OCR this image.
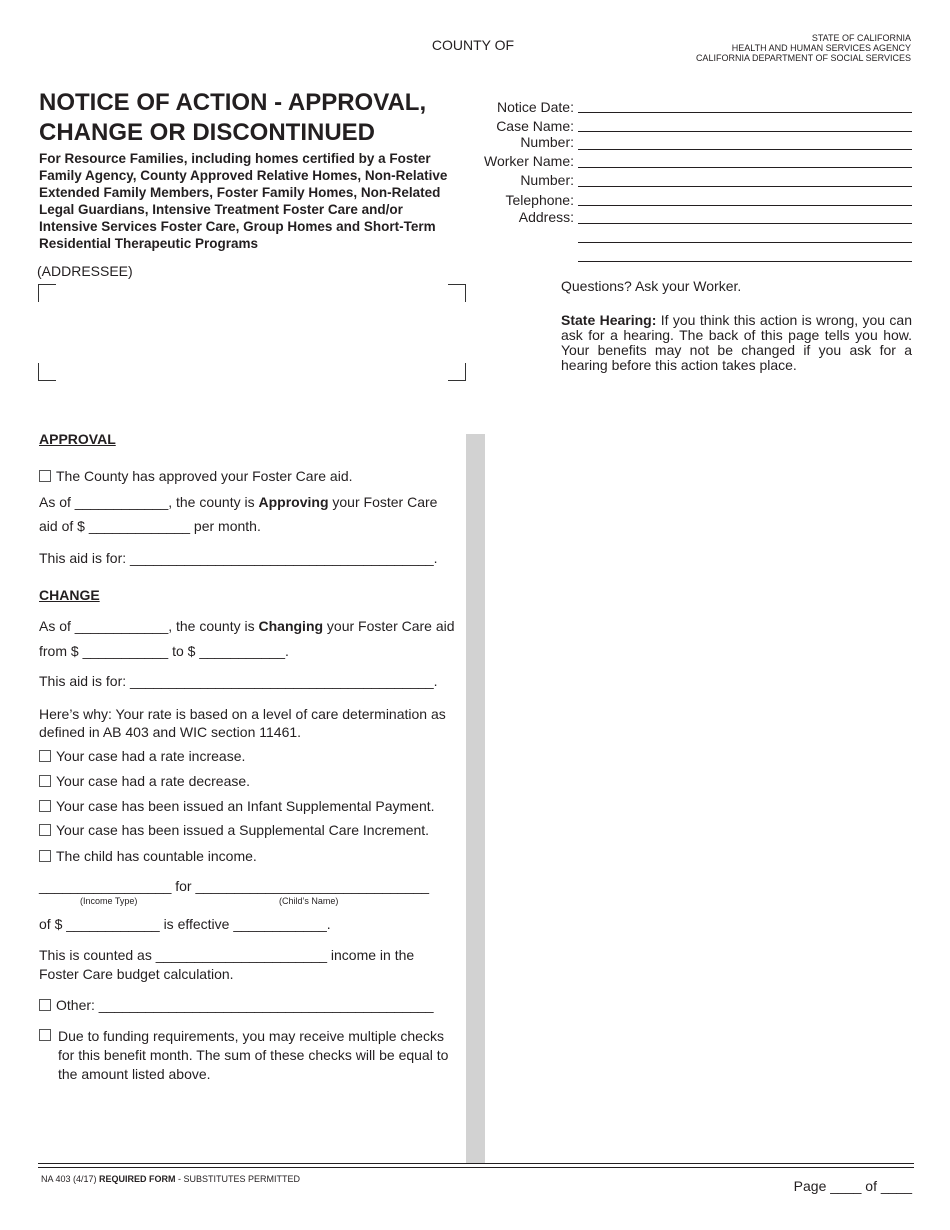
COUNTY OF	STATE OF CALIFORNIA
HEALTH AND HUMAN SERVICES AGENCY
CALIFORNIA DEPARTMENT OF SOCIAL SERVICES
NOTICE OF ACTION - APPROVAL,
CHANGE OR DISCONTINUED
For Resource Families, including homes certified by a Foster Family Agency, County Approved Relative Homes, Non-Relative Extended Family Members, Foster Family Homes, Non-Related Legal Guardians, Intensive Treatment Foster Care and/or Intensive Services Foster Care, Group Homes and Short-Term Residential Therapeutic Programs
(ADDRESSEE)
Notice Date:
Case Name:
Number:
Worker Name:
Number:
Telephone:
Address:
Questions? Ask your Worker.
State Hearing: If you think this action is wrong, you can ask for a hearing. The back of this page tells you how. Your benefits may not be changed if you ask for a hearing before this action takes place.
APPROVAL
The County has approved your Foster Care aid.
As of ____________, the county is Approving your Foster Care
aid of $ _____________ per month.
This aid is for: _______________________________________.
CHANGE
As of ____________, the county is Changing your Foster Care aid
from $ ___________ to $ ___________.
This aid is for: _______________________________________.
Here’s why: Your rate is based on a level of care determination as defined in AB 403 and WIC section 11461.
Your case had a rate increase.
Your case had a rate decrease.
Your case has been issued an Infant Supplemental Payment.
Your case has been issued a Supplemental Care Increment.
The child has countable income.
_________________ for ______________________________
(Income Type)	(Child’s Name)
of $ ____________ is effective ____________.
This is counted as ______________________ income in the
Foster Care budget calculation.
Other: ___________________________________________
Due to funding requirements, you may receive multiple checks for this benefit month. The sum of these checks will be equal to the amount listed above.
NA 403 (4/17) REQUIRED FORM - SUBSTITUTES PERMITTED	Page ____ of ____
